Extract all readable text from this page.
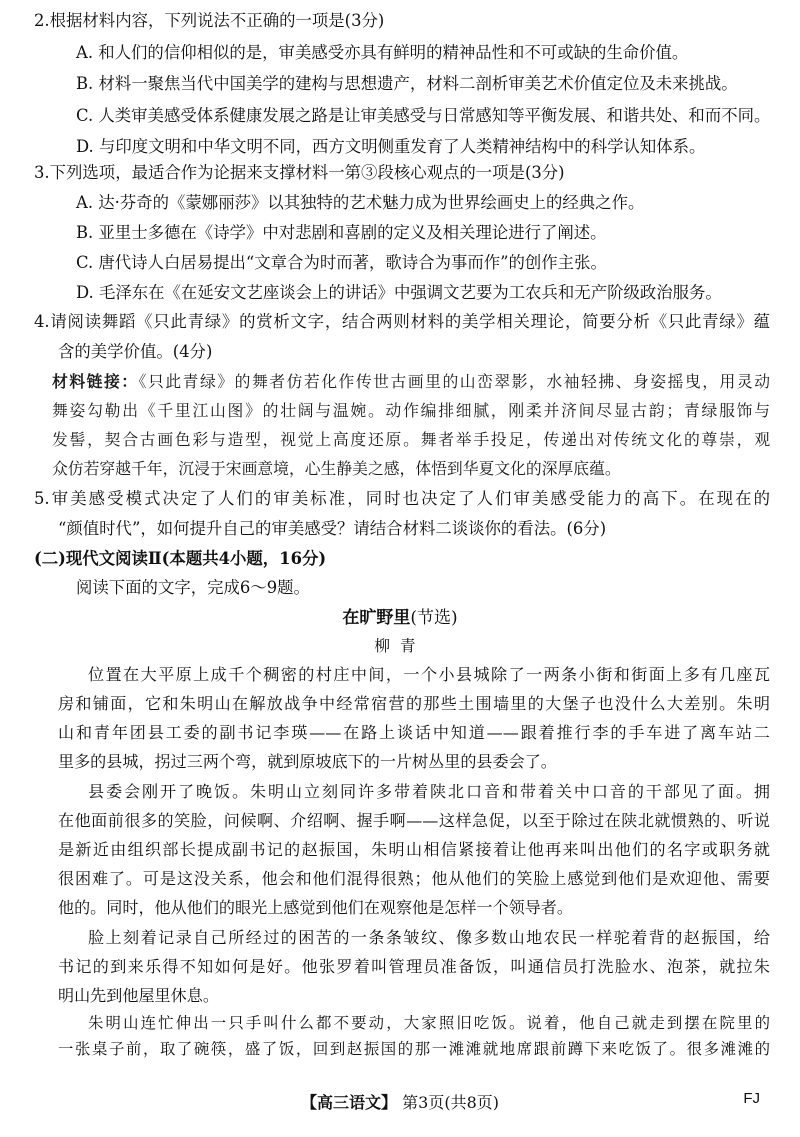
2.根据材料内容，下列说法不正确的一项是(3分)
A. 和人们的信仰相似的是，审美感受亦具有鲜明的精神品性和不可或缺的生命价值。
B. 材料一聚焦当代中国美学的建构与思想遗产，材料二剖析审美艺术价值定位及未来挑战。
C. 人类审美感受体系健康发展之路是让审美感受与日常感知等平衡发展、和谐共处、和而不同。
D. 与印度文明和中华文明不同，西方文明侧重发育了人类精神结构中的科学认知体系。
3.下列选项，最适合作为论据来支撑材料一第③段核心观点的一项是(3分)
A. 达·芬奇的《蒙娜丽莎》以其独特的艺术魅力成为世界绘画史上的经典之作。
B. 亚里士多德在《诗学》中对悲剧和喜剧的定义及相关理论进行了阐述。
C. 唐代诗人白居易提出“文章合为时而著，歌诗合为事而作”的创作主张。
D. 毛泽东在《在延安文艺座谈会上的讲话》中强调文艺要为工农兵和无产阶级政治服务。
4.请阅读舞蹈《只此青绿》的赏析文字，结合两则材料的美学相关理论，简要分析《只此青绿》蕴
含的美学价值。(4分)
材料链接：《只此青绿》的舞者仿若化作传世古画里的山峦翠影，水袖轻拂、身姿摇曳，用灵动
舞姿勾勒出《千里江山图》的壮阔与温婉。动作编排细腻，刚柔并济间尽显古韵；青绿服饰与
发髻，契合古画色彩与造型，视觉上高度还原。舞者举手投足，传递出对传统文化的尊崇，观
众仿若穿越千年，沉浸于宋画意境，心生静美之感，体悟到华夏文化的深厚底蕴。
5.审美感受模式决定了人们的审美标准，同时也决定了人们审美感受能力的高下。在现在的
“颜值时代”，如何提升自己的审美感受？请结合材料二谈谈你的看法。(6分)
(二)现代文阅读Ⅱ(本题共4小题，16分)
阅读下面的文字，完成6～9题。
在旷野里(节选)
柳青
位置在大平原上成千个稠密的村庄中间，一个小县城除了一两条小街和街面上多有几座瓦
房和铺面，它和朱明山在解放战争中经常宿营的那些土围墙里的大堡子也没什么大差别。朱明
山和青年团县工委的副书记李瑛——在路上谈话中知道——跟着推行李的手车进了离车站二
里多的县城，拐过三两个弯，就到原坡底下的一片树丛里的县委会了。
县委会刚开了晚饭。朱明山立刻同许多带着陕北口音和带着关中口音的干部见了面。拥
在他面前很多的笑脸，问候啊、介绍啊、握手啊——这样急促，以至于除过在陕北就惯熟的、听说
是新近由组织部长提成副书记的赵振国，朱明山相信紧接着让他再来叫出他们的名字或职务就
很困难了。可是这没关系，他会和他们混得很熟；他从他们的笑脸上感觉到他们是欢迎他、需要
他的。同时，他从他们的眼光上感觉到他们在观察他是怎样一个领导者。
脸上刻着记录自己所经过的困苦的一条条皱纹、像多数山地农民一样驼着背的赵振国，给
书记的到来乐得不知如何是好。他张罗着叫管理员准备饭，叫通信员打洗脸水、泡茶，就拉朱
明山先到他屋里休息。
朱明山连忙伸出一只手叫什么都不要动，大家照旧吃饭。说着，他自己就走到摆在院里的
一张桌子前，取了碗筷，盛了饭，回到赵振国的那一滩滩就地席跟前蹲下来吃饭了。很多滩滩的
【高三语文】 第3页(共8页)	FJ
